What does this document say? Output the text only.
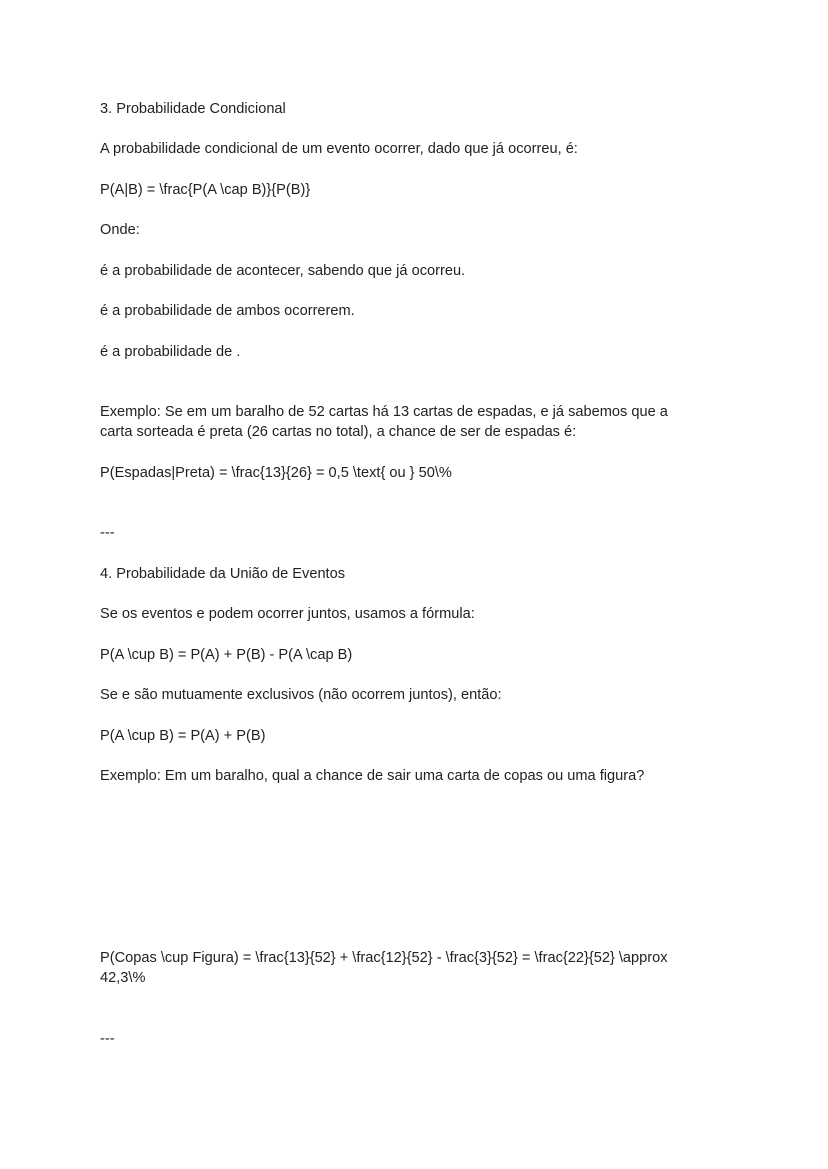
3. Probabilidade Condicional
A probabilidade condicional de um evento ocorrer, dado que já ocorreu, é:
P(A|B) = \frac{P(A \cap B)}{P(B)}
Onde:
é a probabilidade de acontecer, sabendo que já ocorreu.
é a probabilidade de ambos ocorrerem.
é a probabilidade de .
Exemplo: Se em um baralho de 52 cartas há 13 cartas de espadas, e já sabemos que a
carta sorteada é preta (26 cartas no total), a chance de ser de espadas é:
P(Espadas|Preta) = \frac{13}{26} = 0,5 \text{ ou } 50\%
---
4. Probabilidade da União de Eventos
Se os eventos e podem ocorrer juntos, usamos a fórmula:
P(A \cup B) = P(A) + P(B) - P(A \cap B)
Se e são mutuamente exclusivos (não ocorrem juntos), então:
P(A \cup B) = P(A) + P(B)
Exemplo: Em um baralho, qual a chance de sair uma carta de copas ou uma figura?
P(Copas \cup Figura) = \frac{13}{52} + \frac{12}{52} - \frac{3}{52} = \frac{22}{52} \approx
42,3\%
---
